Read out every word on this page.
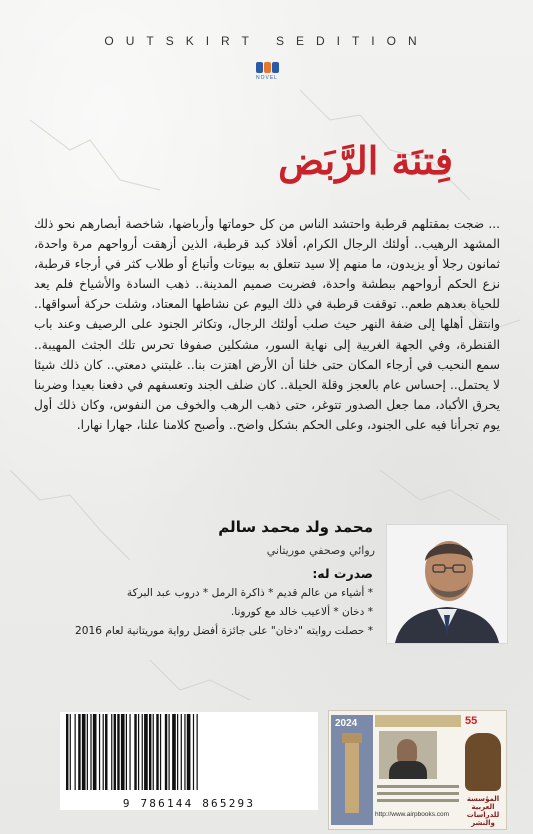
OUTSKIRT SEDITION
NOVEL
فِتنَة الرَّبَض

... ضجت بمقتلهم قرطبة واحتشد الناس من كل حوماتها وأرباضها، شاخصة أبصارهم نحو ذلك المشهد الرهيب.. أولئك الرجال الكرام، أفلاذ كبد قرطبة، الذين أزهقت أرواحهم مرة واحدة، ثمانون رجلا أو يزيدون، ما منهم إلا سيد تتعلق به بيوتات وأتباع أو طلاب كثر في أرجاء قرطبة، نزع الحكم أرواحهم ببطشة واحدة، فضربت صميم المدينة.. ذهب السادة والأشياخ فلم يعد للحياة بعدهم طعم.. توقفت قرطبة في ذلك اليوم عن نشاطها المعتاد، وشلت حركة أسواقها.. وانتقل أهلها إلى ضفة النهر حيث صلب أولئك الرجال، وتكاثر الجنود على الرصيف وعند باب القنطرة، وفي الجهة الغربية إلى نهاية السور، مشكلين صفوفا تحرس تلك الجثث المهيبة.. سمع النحيب في أرجاء المكان حتى خلنا أن الأرض اهتزت بنا.. غلبتني دمعتي.. كان ذلك شيئا لا يحتمل.. إحساس عام بالعجز وقلة الحيلة.. كان ضلف الجند وتعسفهم في دفعنا بعيدا وضربنا يحرق الأكباد، مما جعل الصدور تتوغر، حتى ذهب الرهب والخوف من النفوس، وكان ذلك أول يوم تجرأنا فيه على الجنود، وعلى الحكم بشكل واضح.. وأصبح كلامنا علنا، جهارا نهارا.

محمد ولد محمد سالم
روائي وصحفي موريتاني
صدرت له:
* أشياء من عالم قديم * ذاكرة الرمل * دروب عبد البركة
* دخان * ألاعيب خالد مع كورونا.
* حصلت روايته "دخان" على جائزة أفضل رواية موريتانية لعام 2016
9 786144 865293
2024	55
http://www.airpbooks.com
المؤسسة العربية للدراسات والنشر
